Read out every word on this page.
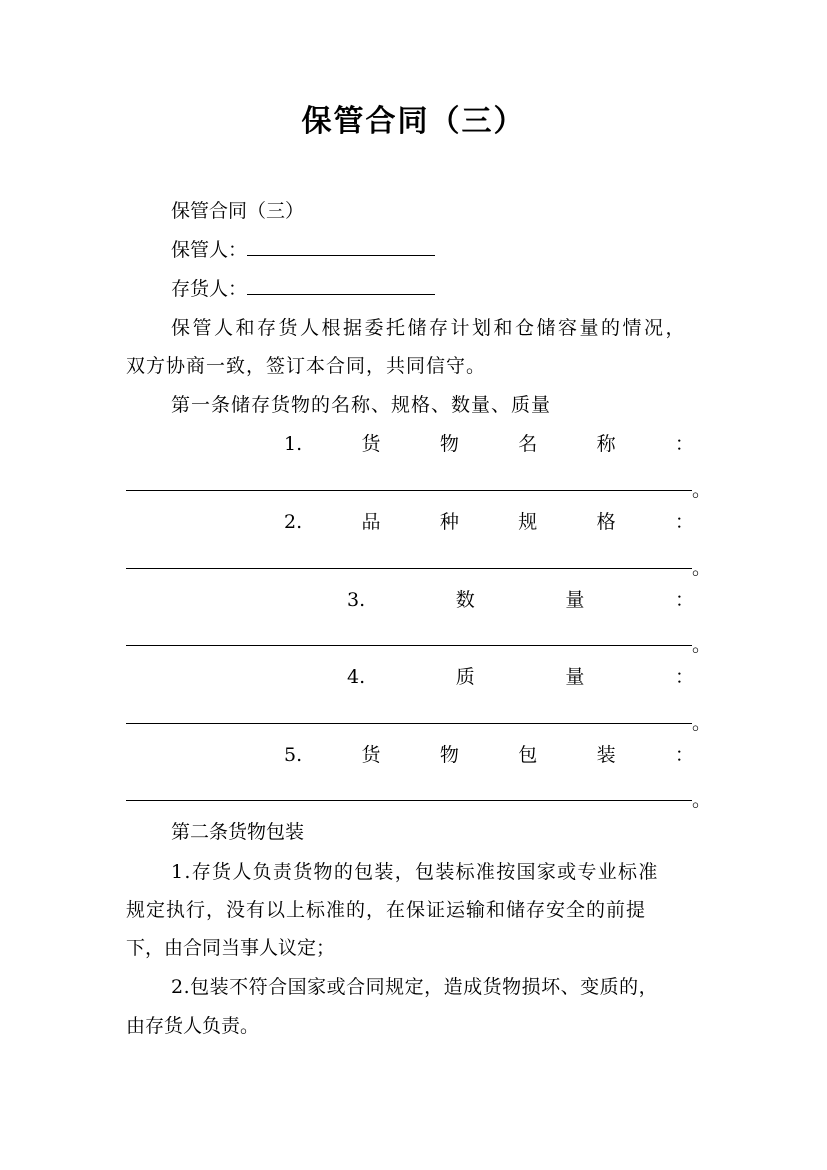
保管合同（三）
保管合同（三）
保管人：
存货人：
保管人和存货人根据委托储存计划和仓储容量的情况，
双方协商一致，签订本合同，共同信守。
第一条储存货物的名称、规格、数量、质量
1.	货	物	名	称	：
。
2.	品	种	规	格	：
。
3.	数	量	：
。
4.	质	量	：
。
5.	货	物	包	装	：
。
第二条货物包装
1.存货人负责货物的包装，包装标准按国家或专业标准
规定执行，没有以上标准的，在保证运输和储存安全的前提
下，由合同当事人议定；
2.包装不符合国家或合同规定，造成货物损坏、变质的，
由存货人负责。
